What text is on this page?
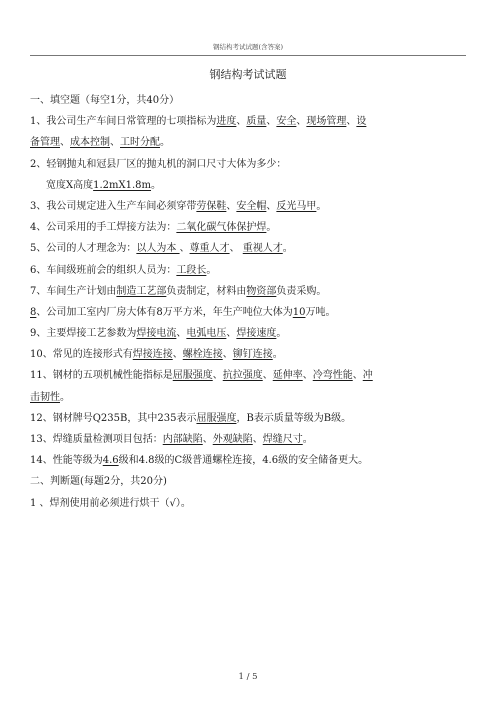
钢结构考试试题(含答案)
钢结构考试试题
一、填空题（每空1分，共40分）
1、我公司生产车间日常管理的七项指标为进度、质量、安全、现场管理、设
备管理、成本控制、工时分配。
2、轻钢抛丸和冠县厂区的抛丸机的洞口尺寸大体为多少：
宽度X高度1.2mX1.8m。
3、我公司规定进入生产车间必须穿带劳保鞋、安全帽、反光马甲。
4、公司采用的手工焊接方法为：二氧化碳气体保护焊。
5、公司的人才理念为：以人为本 、尊重人才、 重视人才。
6、车间级班前会的组织人员为：工段长。
7、车间生产计划由制造工艺部负责制定，材料由物资部负责采购。
8、公司加工室内厂房大体有8万平方米，年生产吨位大体为10万吨。
9、主要焊接工艺参数为焊接电流、电弧电压、焊接速度。
10、常见的连接形式有焊接连接、螺栓连接、铆钉连接。
11、钢材的五项机械性能指标是屈服强度、抗拉强度、延伸率、冷弯性能、冲
击韧性。
12、钢材牌号Q235B，其中235表示屈服强度，B表示质量等级为B级。
13、焊缝质量检测项目包括：内部缺陷、外观缺陷、焊缝尺寸。
14、性能等级为4.6级和4.8级的C级普通螺栓连接，4.6级的安全储备更大。
二、判断题(每题2分，共20分)
1 、焊剂使用前必须进行烘干（√）。
1 / 5
